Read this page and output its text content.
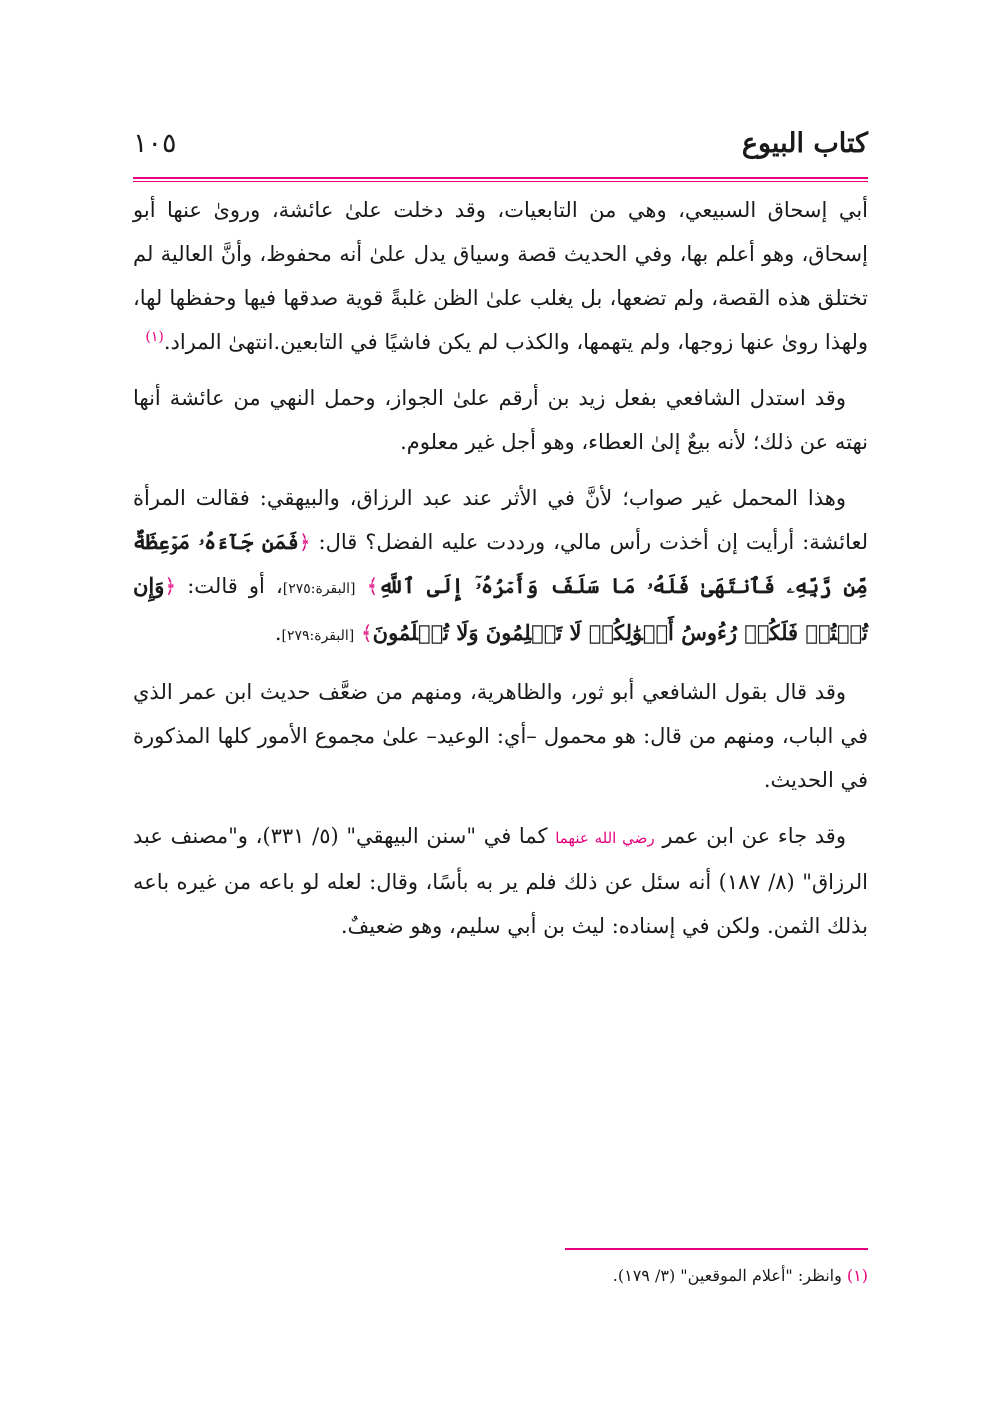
كتاب البيوع
١٠٥

أبي إسحاق السبيعي، وهي من التابعيات، وقد دخلت علىٰ عائشة، وروىٰ عنها أبو إسحاق، وهو أعلم بها، وفي الحديث قصة وسياق يدل علىٰ أنه محفوظ، وأنَّ العالية لم تختلق هذه القصة، ولم تضعها، بل يغلب علىٰ الظن غلبةً قوية صدقها فيها وحفظها لها، ولهذا روىٰ عنها زوجها، ولم يتهمها، والكذب لم يكن فاشيًا في التابعين.انتهىٰ المراد.$^{(١)}$

وقد استدل الشافعي بفعل زيد بن أرقم علىٰ الجواز، وحمل النهي من عائشة أنها نهته عن ذلك؛ لأنه بيعٌ إلىٰ العطاء، وهو أجل غير معلوم.

وهذا المحمل غير صواب؛ لأنَّ في الأثر عند عبد الرزاق، والبيهقي: فقالت المرأة لعائشة: أرأيت إن أخذت رأس مالي، ورددت عليه الفضل؟ قال: ﴿فَمَن جَآءَهُۥ مَوۡعِظَةٌ مِّن رَّبِّهِۦ فَٱنتَهَىٰ فَلَهُۥ مَا سَلَفَ وَأَمۡرُهُۥٓ إِلَى ٱللَّهِ﴾ [البقرة:٢٧٥]، أو قالت: ﴿وَإِن تُبۡتُمۡ فَلَكُمۡ رُءُوسُ أَمۡوَٰلِكُمۡ لَا تَظۡلِمُونَ وَلَا تُظۡلَمُونَ﴾ [البقرة:٢٧٩].

وقد قال بقول الشافعي أبو ثور، والظاهرية، ومنهم من ضعَّف حديث ابن عمر الذي في الباب، ومنهم من قال: هو محمول –أي: الوعيد– علىٰ مجموع الأمور كلها المذكورة في الحديث.

وقد جاء عن ابن عمر رضي الله عنهما كما في "سنن البيهقي" (٥/ ٣٣١)، و"مصنف عبد الرزاق" (٨/ ١٨٧) أنه سئل عن ذلك فلم ير به بأسًا، وقال: لعله لو باعه من غيره باعه بذلك الثمن. ولكن في إسناده: ليث بن أبي سليم، وهو ضعيفٌ.

(١) وانظر: "أعلام الموقعين" (٣/ ١٧٩).
